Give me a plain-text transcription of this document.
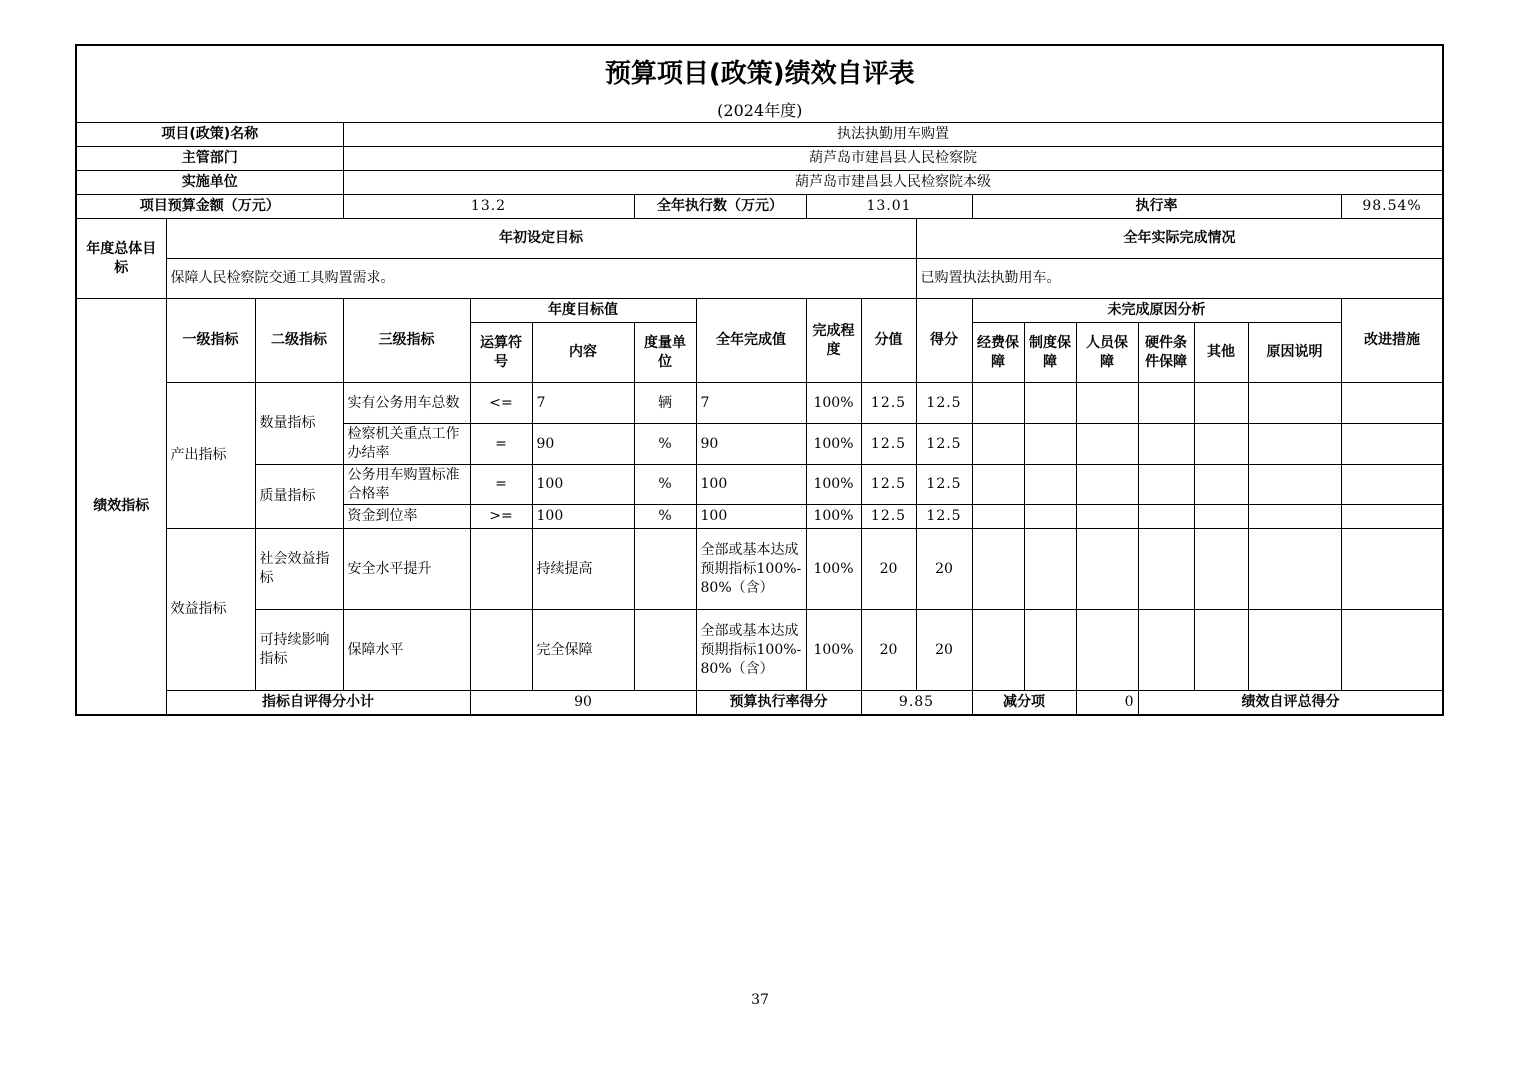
预算项目(政策)绩效自评表																		
(2024年度)																		
项目(政策)名称			执法执勤用车购置															
主管部门			葫芦岛市建昌县人民检察院															
实施单位			葫芦岛市建昌县人民检察院本级															
项目预算金额（万元）			13.2			全年执行数（万元）		13.01			执行率						98.54%	
年度总体目标	年初设定目标									全年实际完成情况								
	保障人民检察院交通工具购置需求。									已购置执法执勤用车。								
绩效指标	一级指标	二级指标	三级指标	年度目标值			全年完成值	完成程度	分值	得分	未完成原因分析						改进措施	
				运算符号	内容	度量单位					经费保障	制度保障	人员保障	硬件条件保障	其他	原因说明		
	产出指标	数量指标	实有公务用车总数	<=	7	辆	7	100%	12.5	12.5								
			检察机关重点工作办结率	=	90	%	90	100%	12.5	12.5								
		质量指标	公务用车购置标准合格率	=	100	%	100	100%	12.5	12.5								
			资金到位率	>=	100	%	100	100%	12.5	12.5								
	效益指标	社会效益指标	安全水平提升		持续提高		全部或基本达成预期指标100%-80%（含）	100%	20	20								
		可持续影响指标	保障水平		完全保障		全部或基本达成预期指标100%-80%（含）	100%	20	20								
	指标自评得分小计			90			预算执行率得分		9.85		减分项		0	绩效自评总得分	
37
